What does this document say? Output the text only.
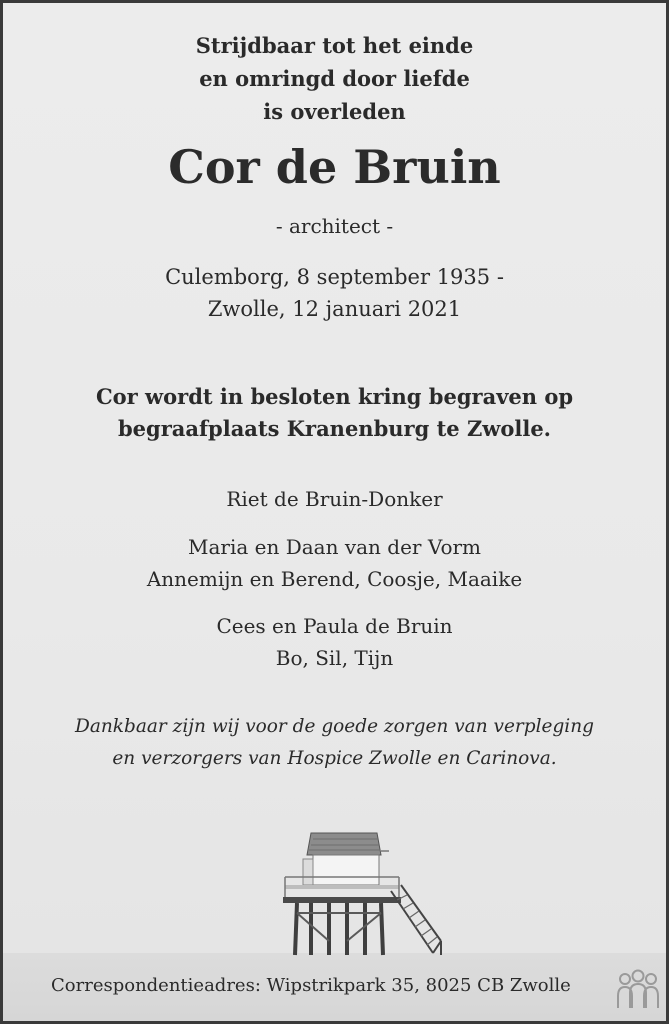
Strijdbaar tot het einde
en omringd door liefde
is overleden
Cor de Bruin
- architect -
Culemborg, 8 september 1935 -
Zwolle, 12 januari 2021
Cor wordt in besloten kring begraven op
begraafplaats Kranenburg te Zwolle.
Riet de Bruin-Donker
Maria en Daan van der Vorm
Annemijn en Berend, Coosje, Maaike
Cees en Paula de Bruin
Bo, Sil, Tijn
Dankbaar zijn wij voor de goede zorgen van verpleging
en verzorgers van Hospice Zwolle en Carinova.
Correspondentieadres: Wipstrikpark 35, 8025 CB Zwolle
